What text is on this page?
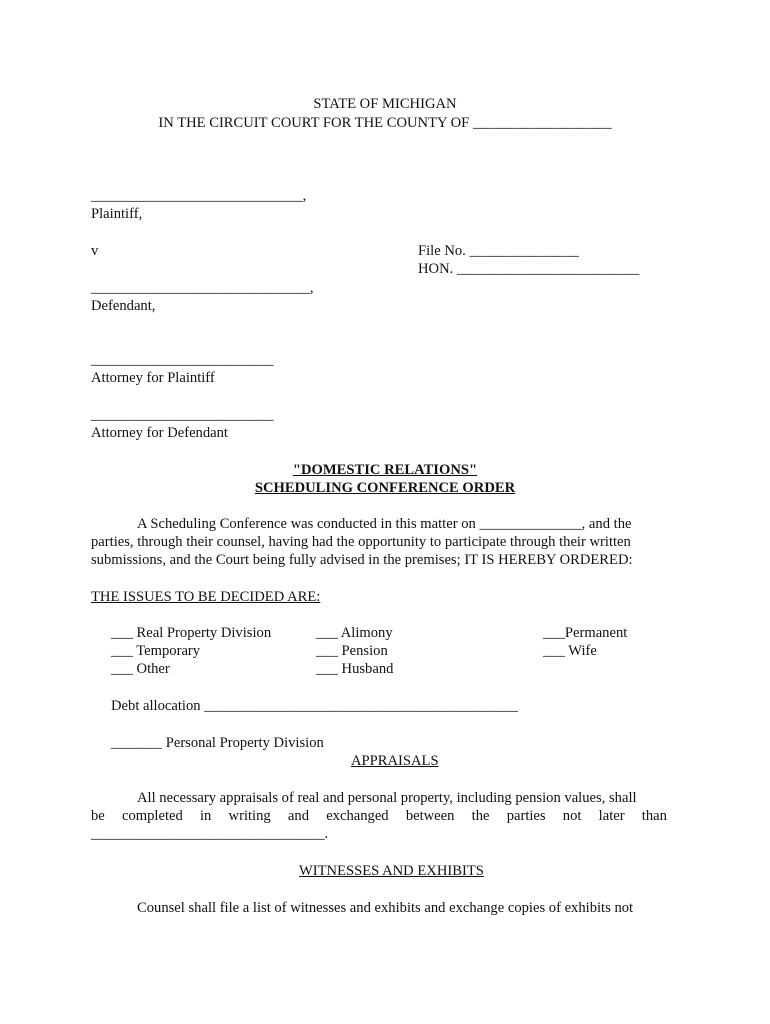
STATE OF MICHIGAN
IN THE CIRCUIT COURT FOR THE COUNTY OF ___________________
_____________________________,
Plaintiff,
v	File No. _______________
HON. _________________________
______________________________,
Defendant,
_________________________
Attorney for Plaintiff
_________________________
Attorney for Defendant
"DOMESTIC RELATIONS"
SCHEDULING CONFERENCE ORDER
A Scheduling Conference was conducted in this matter on ______________, and the
parties, through their counsel, having had the opportunity to participate through their written
submissions, and the Court being fully advised in the premises; IT IS HEREBY ORDERED:
THE ISSUES TO BE DECIDED ARE:
___ Real Property Division
___ Temporary
___ Other
___ Alimony
___ Pension
___ Husband
___Permanent
___ Wife
Debt allocation ___________________________________________
_______ Personal Property Division
APPRAISALS
All necessary appraisals of real and personal property, including pension values, shall
be completed in writing and exchanged between the parties not later than
________________________________.
WITNESSES AND EXHIBITS
Counsel shall file a list of witnesses and exhibits and exchange copies of exhibits not
